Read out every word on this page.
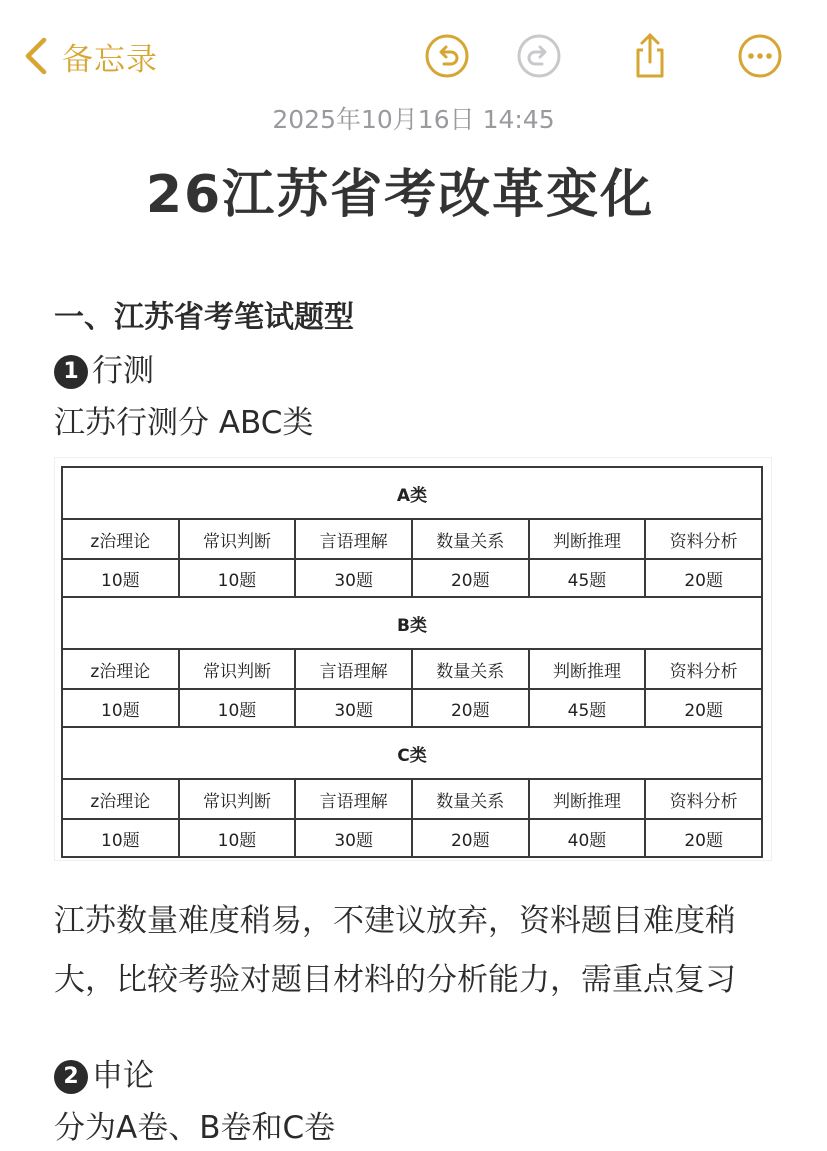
备忘录
2025年10月16日 14:45
26江苏省考改革变化
一、江苏省考笔试题型
1 行测
江苏行测分 ABC类
A类					
z治理论	常识判断	言语理解	数量关系	判断推理	资料分析
10题	10题	30题	20题	45题	20题
B类					
z治理论	常识判断	言语理解	数量关系	判断推理	资料分析
10题	10题	30题	20题	45题	20题
C类					
z治理论	常识判断	言语理解	数量关系	判断推理	资料分析
10题	10题	30题	20题	40题	20题
江苏数量难度稍易，不建议放弃，资料题目难度稍大，比较考验对题目材料的分析能力，需重点复习
2 申论
分为A卷、B卷和C卷
